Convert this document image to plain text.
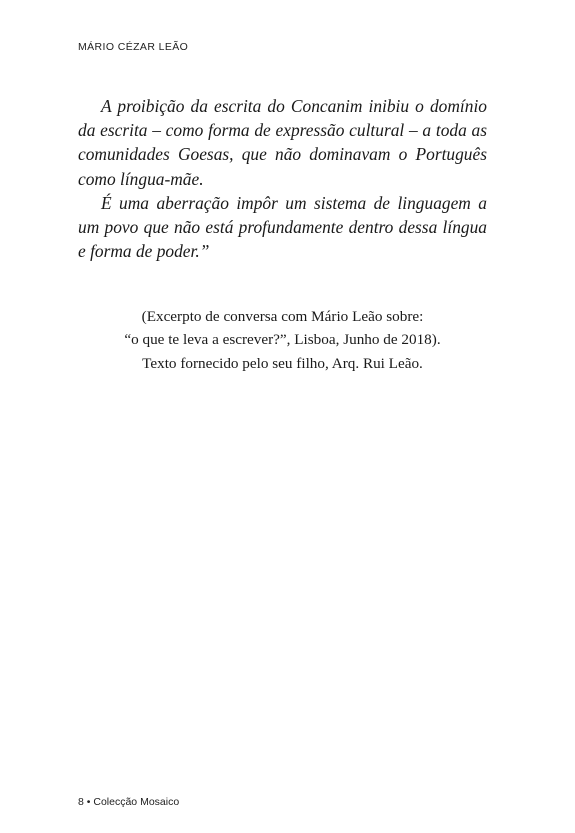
MÁRIO CÉZAR LEÃO

A proibição da escrita do Concanim inibiu o domínio da escrita – como forma de expressão cultural – a toda as comunidades Goesas, que não dominavam o Português como língua-mãe.

É uma aberração impôr um sistema de linguagem a um povo que não está profundamente dentro dessa língua e forma de poder.”

(Excerpto de conversa com Mário Leão sobre:
“o que te leva a escrever?”, Lisboa, Junho de 2018).
Texto fornecido pelo seu filho, Arq. Rui Leão.
8 • Colecção Mosaico
